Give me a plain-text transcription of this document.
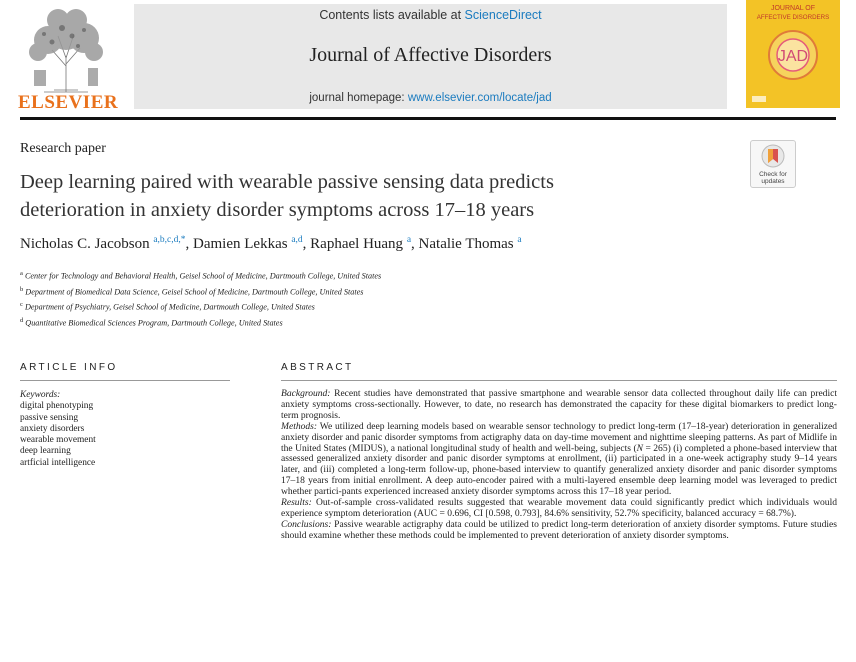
ELSEVIER
Contents lists available at ScienceDirect
Journal of Affective Disorders
journal homepage: www.elsevier.com/locate/jad
JOURNAL OF
AFFECTIVE DISORDERS
JAD
Research paper
Deep learning paired with wearable passive sensing data predicts
deterioration in anxiety disorder symptoms across 17–18 years
Check for updates
Nicholas C. Jacobson $^{a,b,c,d,*}$, Damien Lekkas $^{a,d}$, Raphael Huang $^a$, Natalie Thomas $^a$
$^a$ Center for Technology and Behavioral Health, Geisel School of Medicine, Dartmouth College, United States
$^b$ Department of Biomedical Data Science, Geisel School of Medicine, Dartmouth College, United States
$^c$ Department of Psychiatry, Geisel School of Medicine, Dartmouth College, United States
$^d$ Quantitative Biomedical Sciences Program, Dartmouth College, United States
ARTICLE INFO
Keywords:
digital phenotyping
passive sensing
anxiety disorders
wearable movement
deep learning
artficial intelligence
ABSTRACT

Background: Recent studies have demonstrated that passive smartphone and wearable sensor data collected throughout daily life can predict anxiety symptoms cross-sectionally. However, to date, no research has demonstrated the capacity for these digital biomarkers to predict long-term prognosis.

Methods: We utilized deep learning models based on wearable sensor technology to predict long-term (17–18-year) deterioration in generalized anxiety disorder and panic disorder symptoms from actigraphy data on day-time movement and nighttime sleeping patterns. As part of Midlife in the United States (MIDUS), a national longitudinal study of health and well-being, subjects (N = 265) (i) completed a phone-based interview that assessed generalized anxiety disorder and panic disorder symptoms at enrollment, (ii) participated in a one-week actigraphy study 9–14 years later, and (iii) completed a long-term follow-up, phone-based interview to quantify generalized anxiety disorder and panic disorder symptoms 17–18 years from initial enrollment. A deep auto-encoder paired with a multi-layered ensemble deep learning model was leveraged to predict whether partici-pants experienced increased anxiety disorder symptoms across this 17–18 year period.

Results: Out-of-sample cross-validated results suggested that wearable movement data could significantly predict which individuals would experience symptom deterioration (AUC = 0.696, CI [0.598, 0.793], 84.6% sensitivity, 52.7% specificity, balanced accuracy = 68.7%).

Conclusions: Passive wearable actigraphy data could be utilized to predict long-term deterioration of anxiety disorder symptoms. Future studies should examine whether these methods could be implemented to prevent deterioration of anxiety disorder symptoms.
